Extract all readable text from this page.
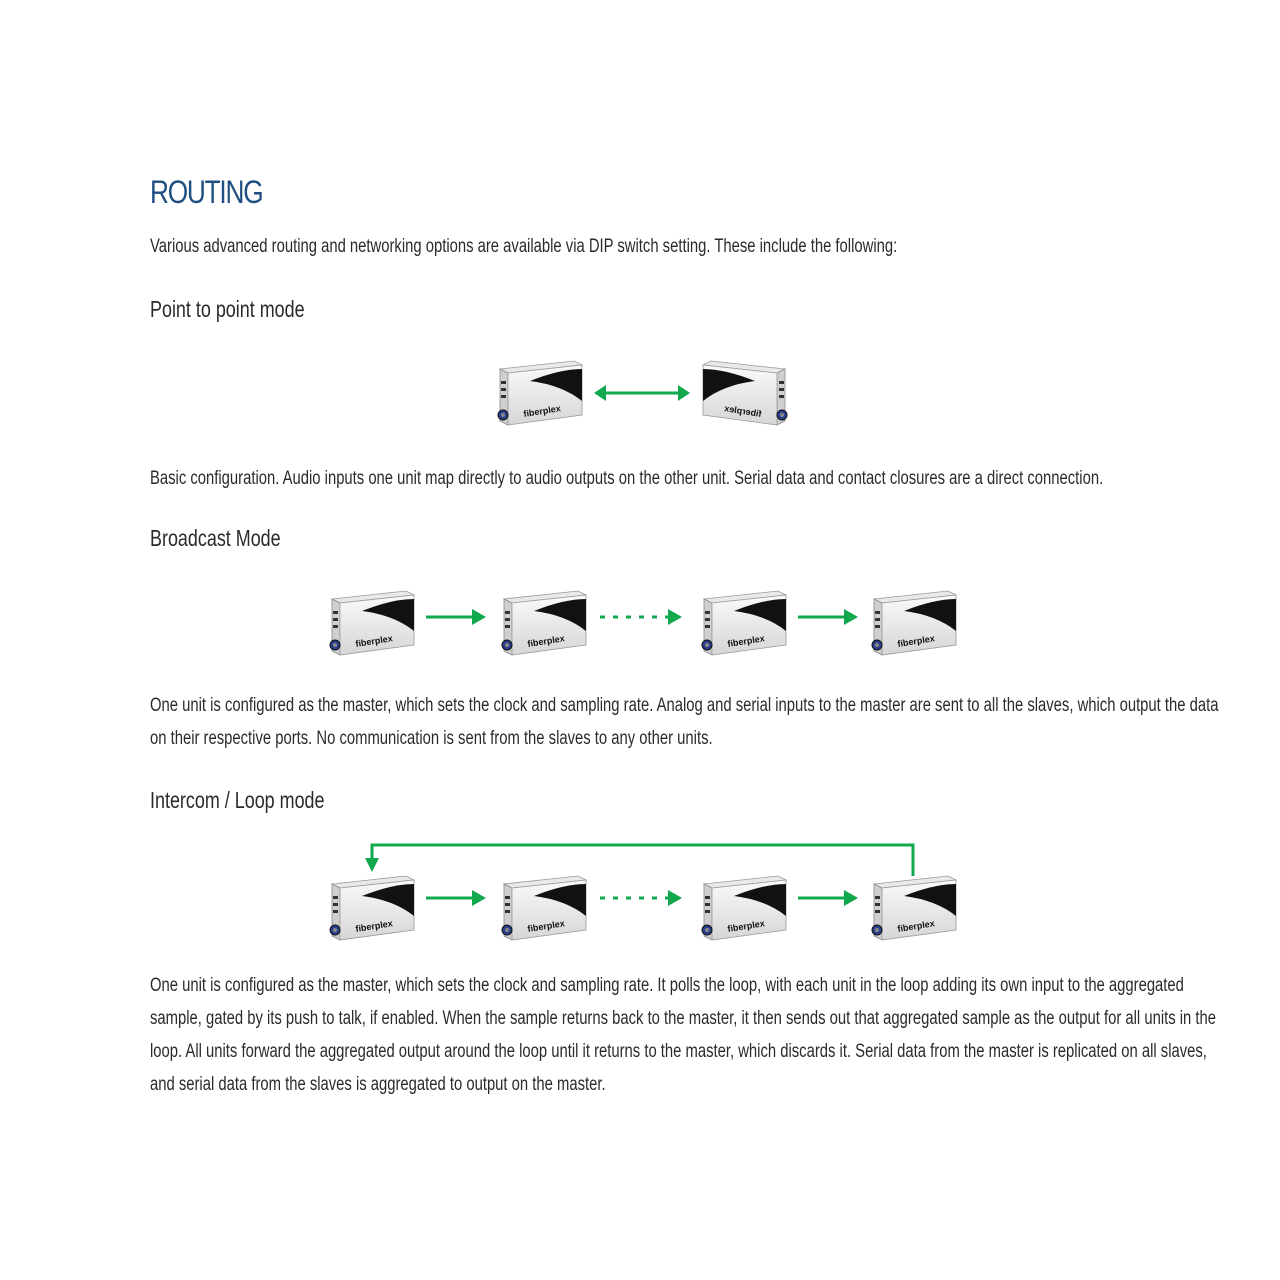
ROUTING

Various advanced routing and networking options are available via DIP switch setting. These include the following:

Point to point mode

Basic configuration. Audio inputs one unit map directly to audio outputs on the other unit. Serial data and contact closures are a direct connection.

Broadcast Mode

One unit is configured as the master, which sets the clock and sampling rate. Analog and serial inputs to the master are sent to all the slaves, which output the data
on their respective ports. No communication is sent from the slaves to any other units.

Intercom / Loop mode

One unit is configured as the master, which sets the clock and sampling rate. It polls the loop, with each unit in the loop adding its own input to the aggregated
sample, gated by its push to talk, if enabled. When the sample returns back to the master, it then sends out that aggregated sample as the output for all units in the
loop. All units forward the aggregated output around the loop until it returns to the master, which discards it. Serial data from the master is replicated on all slaves,
and serial data from the slaves is aggregated to output on the master.
